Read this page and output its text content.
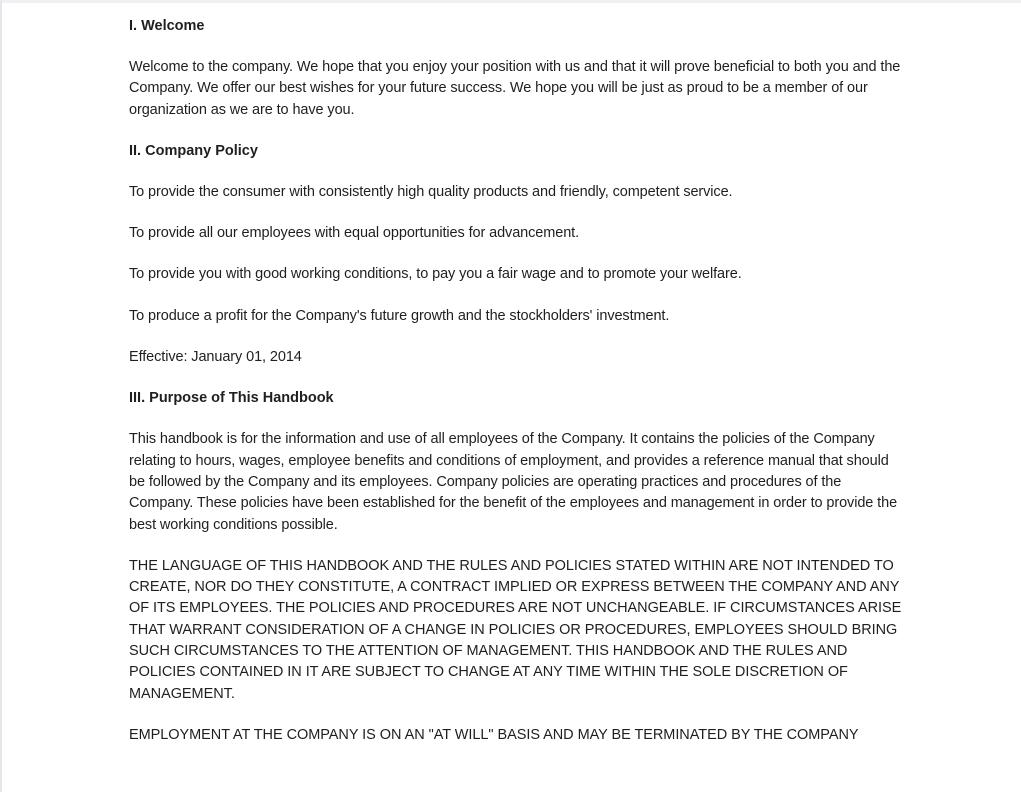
I. Welcome

Welcome to the company. We hope that you enjoy your position with us and that it will prove beneficial to both you and the Company. We offer our best wishes for your future success. We hope you will be just as proud to be a member of our organization as we are to have you.

II. Company Policy

To provide the consumer with consistently high quality products and friendly, competent service.

To provide all our employees with equal opportunities for advancement.

To provide you with good working conditions, to pay you a fair wage and to promote your welfare.

To produce a profit for the Company's future growth and the stockholders' investment.

Effective: January 01, 2014

III. Purpose of This Handbook

This handbook is for the information and use of all employees of the Company. It contains the policies of the Company relating to hours, wages, employee benefits and conditions of employment, and provides a reference manual that should be followed by the Company and its employees. Company policies are operating practices and procedures of the Company. These policies have been established for the benefit of the employees and management in order to provide the best working conditions possible.

THE LANGUAGE OF THIS HANDBOOK AND THE RULES AND POLICIES STATED WITHIN ARE NOT INTENDED TO CREATE, NOR DO THEY CONSTITUTE, A CONTRACT IMPLIED OR EXPRESS BETWEEN THE COMPANY AND ANY OF ITS EMPLOYEES. THE POLICIES AND PROCEDURES ARE NOT UNCHANGEABLE. IF CIRCUMSTANCES ARISE THAT WARRANT CONSIDERATION OF A CHANGE IN POLICIES OR PROCEDURES, EMPLOYEES SHOULD BRING SUCH CIRCUMSTANCES TO THE ATTENTION OF MANAGEMENT. THIS HANDBOOK AND THE RULES AND POLICIES CONTAINED IN IT ARE SUBJECT TO CHANGE AT ANY TIME WITHIN THE SOLE DISCRETION OF MANAGEMENT.

EMPLOYMENT AT THE COMPANY IS ON AN "AT WILL" BASIS AND MAY BE TERMINATED BY THE COMPANY
